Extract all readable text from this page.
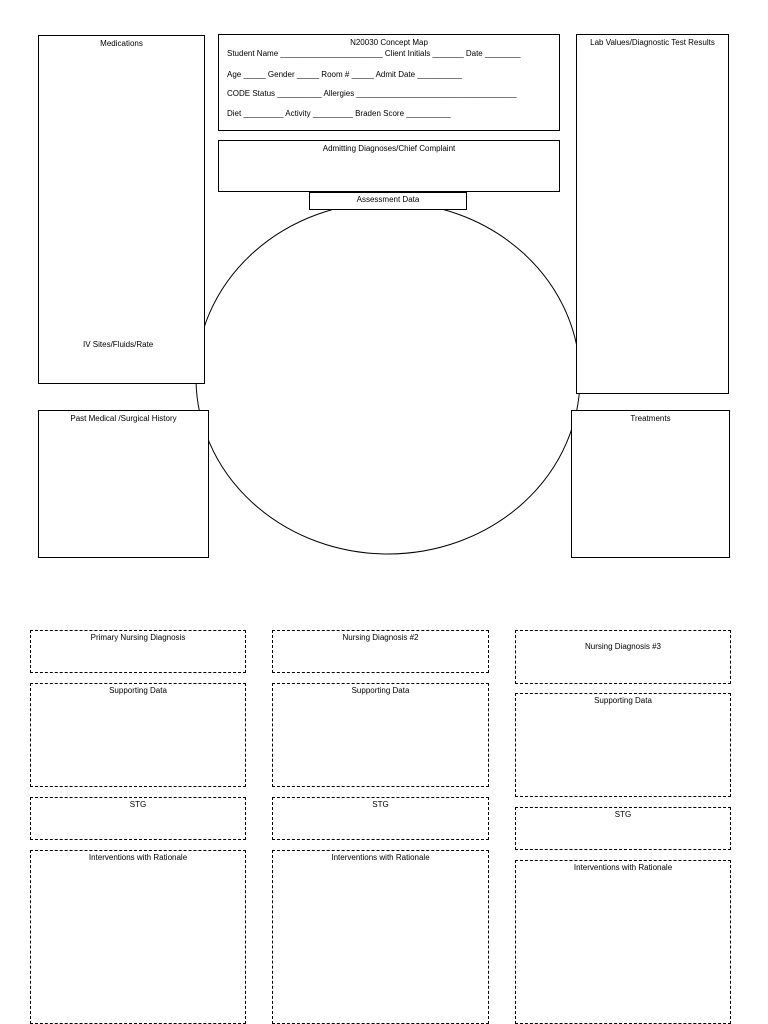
Medications
IV Sites/Fluids/Rate
N20030 Concept Map
Student Name _______________________ Client Initials _______ Date ________
Age _____ Gender _____ Room # _____ Admit Date __________
CODE Status __________ Allergies ____________________________________
Diet _________ Activity _________ Braden Score __________
Admitting Diagnoses/Chief Complaint
Assessment Data
Lab Values/Diagnostic Test Results
Past Medical /Surgical History	Treatments
Primary Nursing Diagnosis
Supporting Data
STG
Interventions with Rationale
Nursing Diagnosis #2
Supporting Data
STG
Interventions with Rationale
Nursing Diagnosis #3
Supporting Data
STG
Interventions with Rationale
